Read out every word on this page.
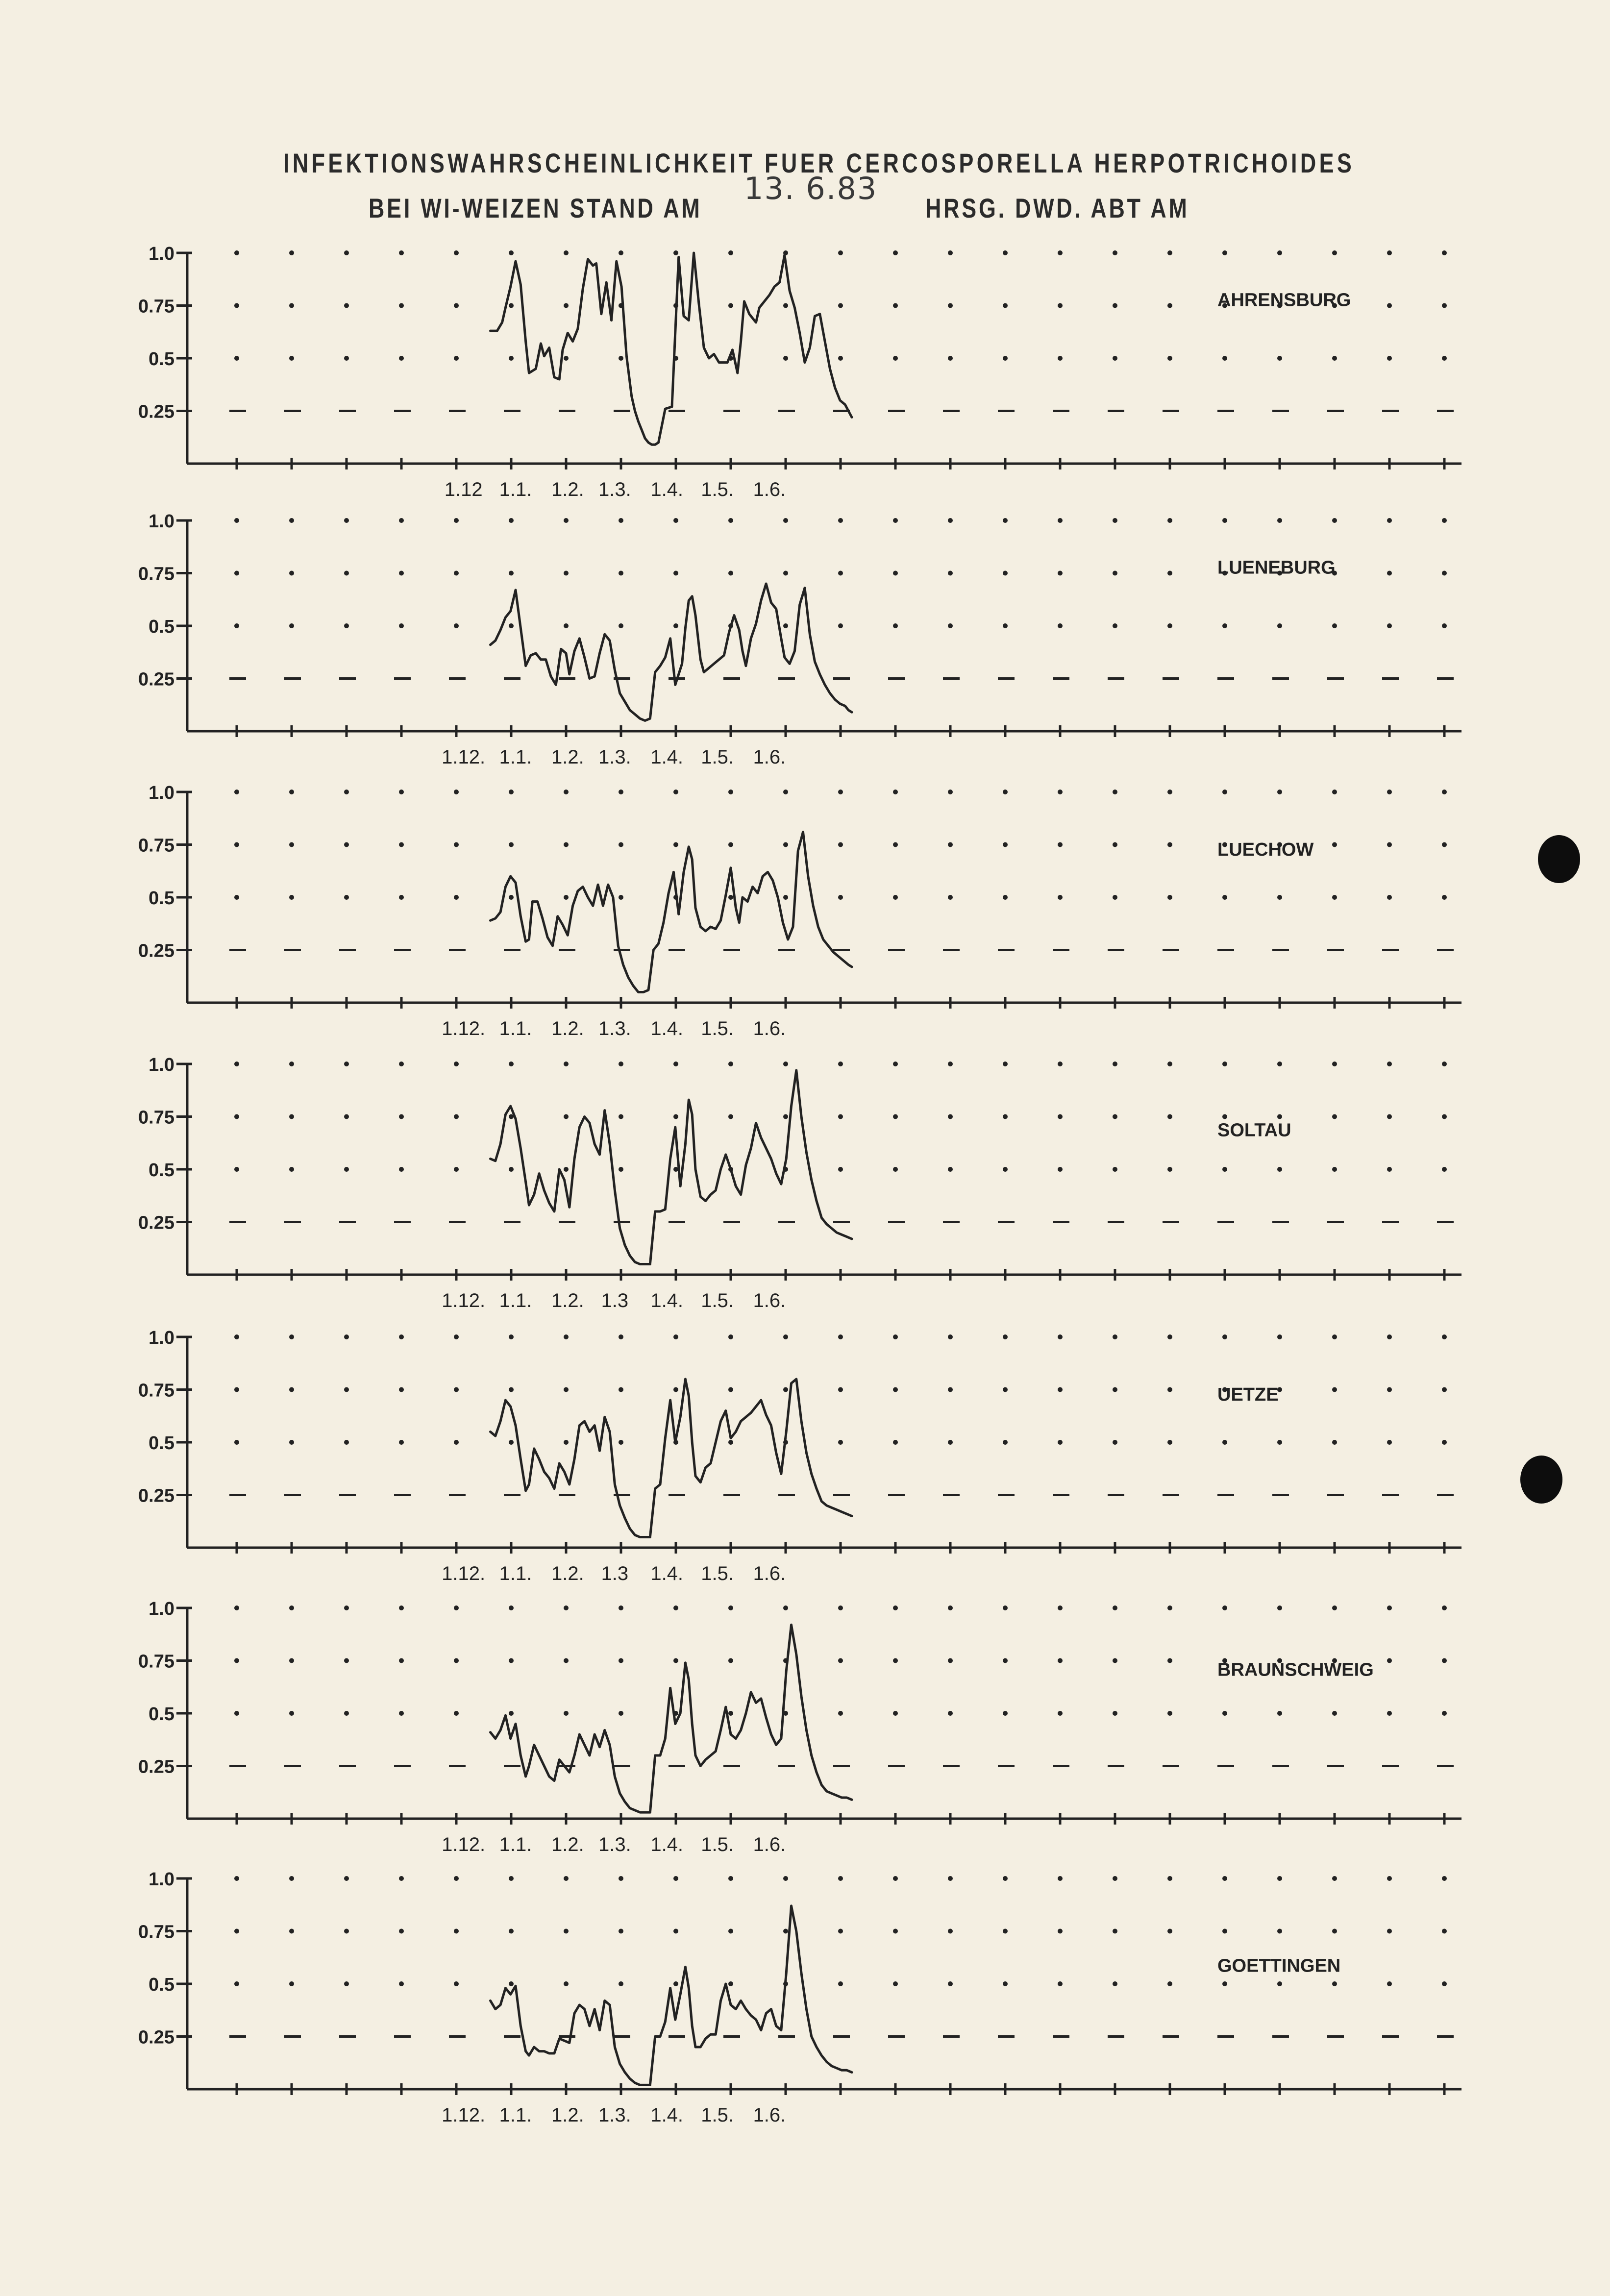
INFEKTIONSWAHRSCHEINLICHKEIT FUER CERCOSPORELLA HERPOTRICHOIDES
BEI WI-WEIZEN STAND AM
13. 6.83
HRSG. DWD. ABT AM
1.0
0.75
0.5
0.25
1.12 1.1. 1.2. 1.3. 1.4. 1.5. 1.6.
AHRENSBURG
1.0
0.75
0.5
0.25
1.12. 1.1. 1.2. 1.3. 1.4. 1.5. 1.6.
LUENEBURG
1.0
0.75
0.5
0.25
1.12. 1.1. 1.2. 1.3. 1.4. 1.5. 1.6.
LUECHOW
1.0
0.75
0.5
0.25
1.12. 1.1. 1.2. 1.3 1.4. 1.5. 1.6.
SOLTAU
1.0
0.75
0.5
0.25
1.12. 1.1. 1.2. 1.3 1.4. 1.5. 1.6.
UETZE
1.0
0.75
0.5
0.25
1.12. 1.1. 1.2. 1.3. 1.4. 1.5. 1.6.
BRAUNSCHWEIG
1.0
0.75
0.5
0.25
1.12. 1.1. 1.2. 1.3. 1.4. 1.5. 1.6.
GOETTINGEN
